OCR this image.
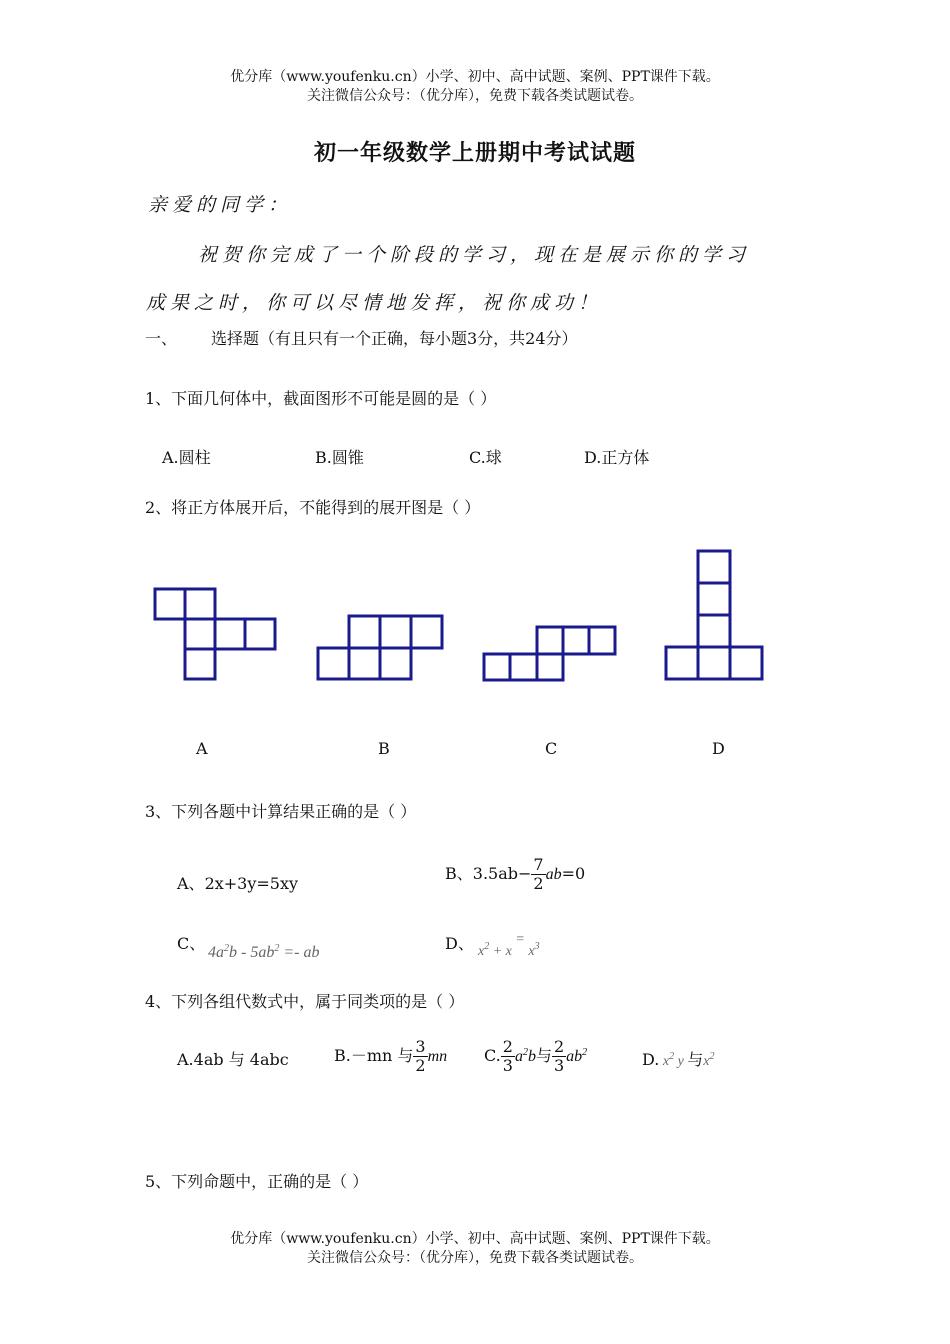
优分库（www.youfenku.cn）小学、初中、高中试题、案例、PPT课件下载。
关注微信公众号：（优分库），免费下载各类试题试卷。
初一年级数学上册期中考试试题
亲爱的同学：
祝贺你完成了一个阶段的学习，现在是展示你的学习
成果之时，你可以尽情地发挥，祝你成功！
一、 选择题（有且只有一个正确，每小题3分，共24分）
1、下面几何体中，截面图形不可能是圆的是（ ）
A.圆柱	B.圆锥	C.球	D.正方体
2、将正方体展开后，不能得到的展开图是（ ）
A	B	C	D
3、下列各题中计算结果正确的是（ ）
A、2x+3y=5xy
B、$3.5ab- \frac{7}{2} ab=0$
C、 $4a^2b - 5ab^2$ =- ab	D、 $x^2 + x = x^3$
4、下列各组代数式中，属于同类项的是（ ）
A.4ab 与 4abc	B.－mn 与 $\frac{3}{2}$ mn C. $\frac{2}{3} a^2b$与 $\frac{2}{3} ab^2$	D. $x^2$ y 与$x^2$
5、下列命题中，正确的是（ ）
优分库（www.youfenku.cn）小学、初中、高中试题、案例、PPT课件下载。
关注微信公众号：（优分库），免费下载各类试题试卷。
